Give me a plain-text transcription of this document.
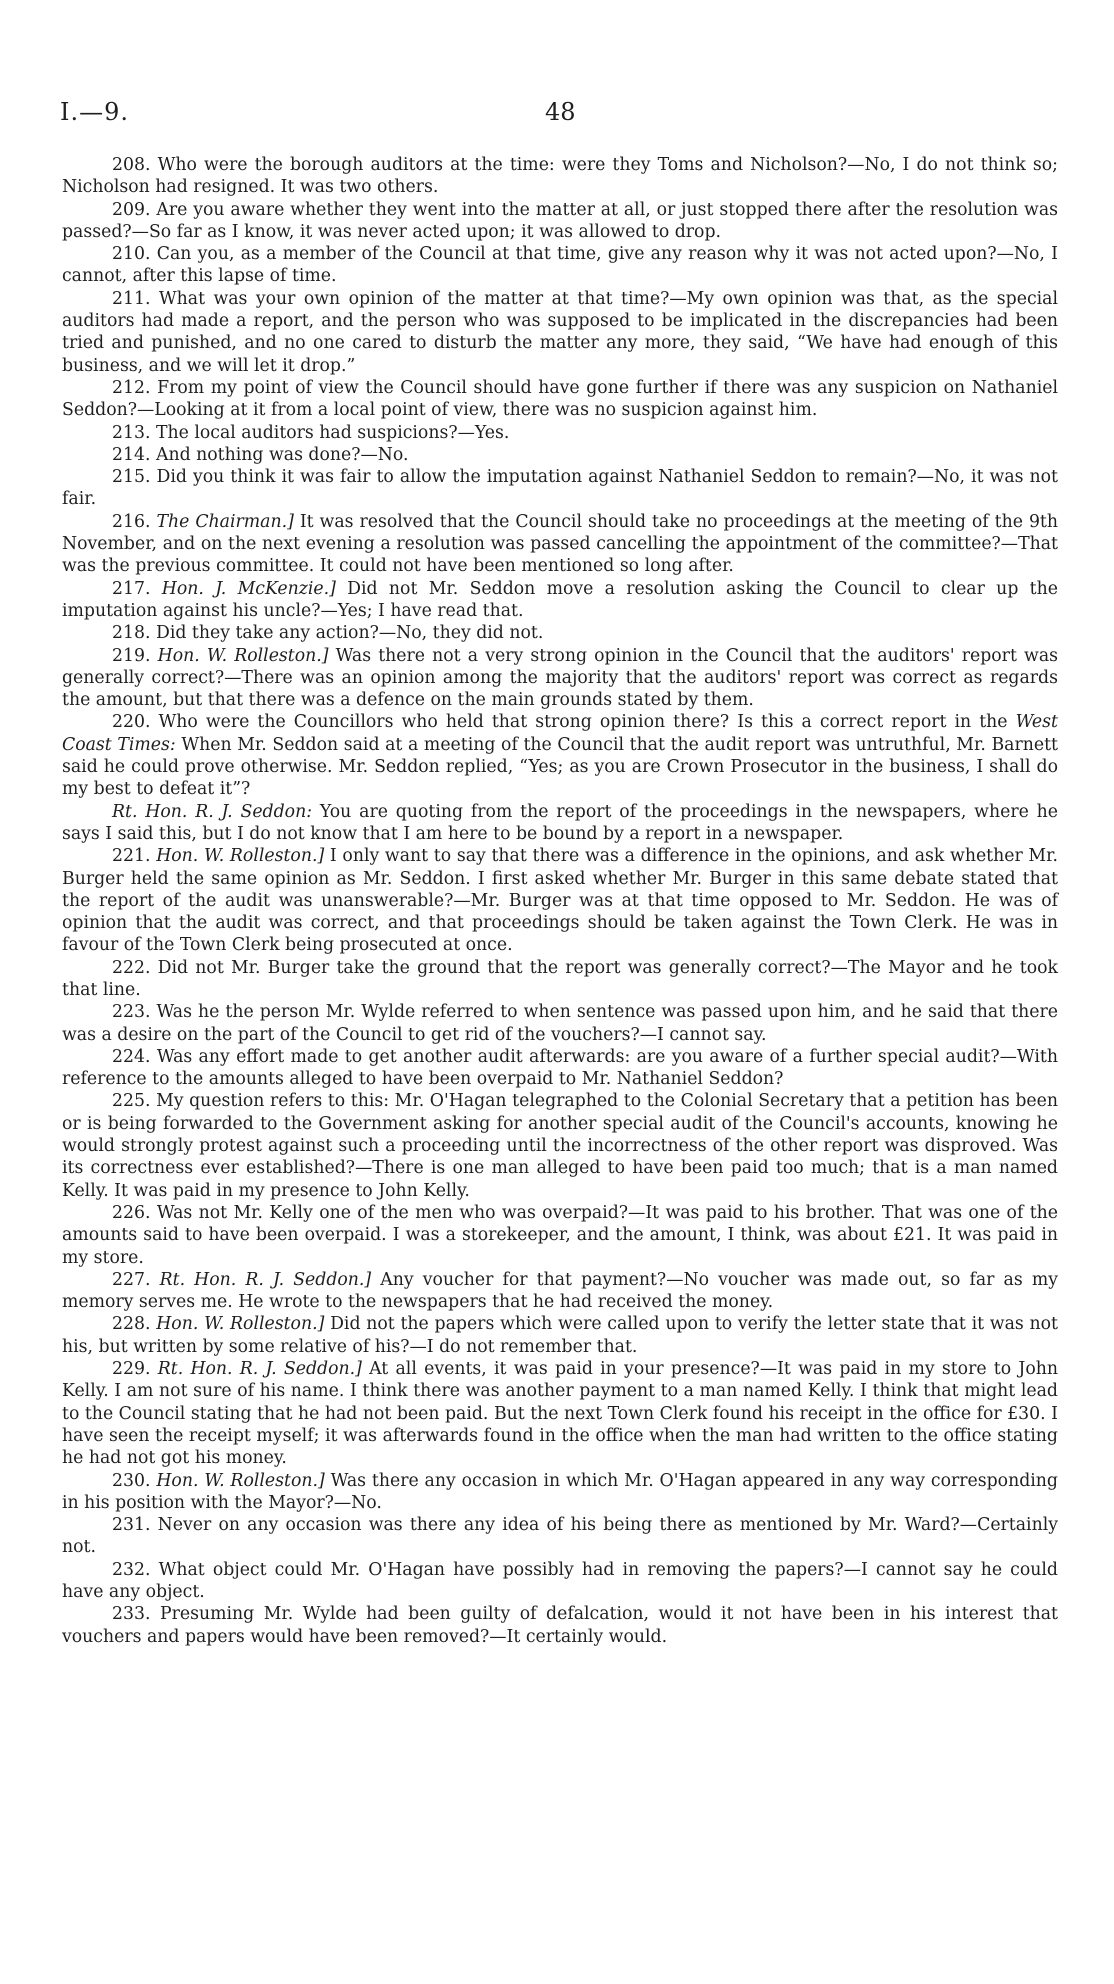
I.—9.	48

208. Who were the borough auditors at the time: were they Toms and Nicholson?—No, I do not think so; Nicholson had resigned. It was two others.

209. Are you aware whether they went into the matter at all, or just stopped there after the resolution was passed?—So far as I know, it was never acted upon; it was allowed to drop.

210. Can you, as a member of the Council at that time, give any reason why it was not acted upon?—No, I cannot, after this lapse of time.

211. What was your own opinion of the matter at that time?—My own opinion was that, as the special auditors had made a report, and the person who was supposed to be implicated in the discrepancies had been tried and punished, and no one cared to disturb the matter any more, they said, “We have had enough of this business, and we will let it drop.”

212. From my point of view the Council should have gone further if there was any suspicion on Nathaniel Seddon?—Looking at it from a local point of view, there was no suspicion against him.

213. The local auditors had suspicions?—Yes.

214. And nothing was done?—No.

215. Did you think it was fair to allow the imputation against Nathaniel Seddon to remain?—No, it was not fair.

216. The Chairman.] It was resolved that the Council should take no proceedings at the meeting of the 9th November, and on the next evening a resolution was passed cancelling the appointment of the committee?—That was the previous committee. It could not have been mentioned so long after.

217. Hon. J. McKenzie.] Did not Mr. Seddon move a resolution asking the Council to clear up the imputation against his uncle?—Yes; I have read that.

218. Did they take any action?—No, they did not.

219. Hon. W. Rolleston.] Was there not a very strong opinion in the Council that the auditors' report was generally correct?—There was an opinion among the majority that the auditors' report was correct as regards the amount, but that there was a defence on the main grounds stated by them.

220. Who were the Councillors who held that strong opinion there? Is this a correct report in the West Coast Times: When Mr. Seddon said at a meeting of the Council that the audit report was untruthful, Mr. Barnett said he could prove otherwise. Mr. Seddon replied, “Yes; as you are Crown Prosecutor in the business, I shall do my best to defeat it”?

Rt. Hon. R. J. Seddon: You are quoting from the report of the proceedings in the newspapers, where he says I said this, but I do not know that I am here to be bound by a report in a newspaper.

221. Hon. W. Rolleston.] I only want to say that there was a difference in the opinions, and ask whether Mr. Burger held the same opinion as Mr. Seddon. I first asked whether Mr. Burger in this same debate stated that the report of the audit was unanswerable?—Mr. Burger was at that time opposed to Mr. Seddon. He was of opinion that the audit was correct, and that proceedings should be taken against the Town Clerk. He was in favour of the Town Clerk being prosecuted at once.

222. Did not Mr. Burger take the ground that the report was generally correct?—The Mayor and he took that line.

223. Was he the person Mr. Wylde referred to when sentence was passed upon him, and he said that there was a desire on the part of the Council to get rid of the vouchers?—I cannot say.

224. Was any effort made to get another audit afterwards: are you aware of a further special audit?—With reference to the amounts alleged to have been overpaid to Mr. Nathaniel Seddon?

225. My question refers to this: Mr. O'Hagan telegraphed to the Colonial Secretary that a petition has been or is being forwarded to the Government asking for another special audit of the Council's accounts, knowing he would strongly protest against such a proceeding until the incorrectness of the other report was disproved. Was its correctness ever established?—There is one man alleged to have been paid too much; that is a man named Kelly. It was paid in my presence to John Kelly.

226. Was not Mr. Kelly one of the men who was overpaid?—It was paid to his brother. That was one of the amounts said to have been overpaid. I was a storekeeper, and the amount, I think, was about £21. It was paid in my store.

227. Rt. Hon. R. J. Seddon.] Any voucher for that payment?—No voucher was made out, so far as my memory serves me. He wrote to the newspapers that he had received the money.

228. Hon. W. Rolleston.] Did not the papers which were called upon to verify the letter state that it was not his, but written by some relative of his?—I do not remember that.

229. Rt. Hon. R. J. Seddon.] At all events, it was paid in your presence?—It was paid in my store to John Kelly. I am not sure of his name. I think there was another payment to a man named Kelly. I think that might lead to the Council stating that he had not been paid. But the next Town Clerk found his receipt in the office for £30. I have seen the receipt myself; it was afterwards found in the office when the man had written to the office stating he had not got his money.

230. Hon. W. Rolleston.] Was there any occasion in which Mr. O'Hagan appeared in any way corresponding in his position with the Mayor?—No.

231. Never on any occasion was there any idea of his being there as mentioned by Mr. Ward?—Certainly not.

232. What object could Mr. O'Hagan have possibly had in removing the papers?—I cannot say he could have any object.

233. Presuming Mr. Wylde had been guilty of defalcation, would it not have been in his interest that vouchers and papers would have been removed?—It certainly would.
